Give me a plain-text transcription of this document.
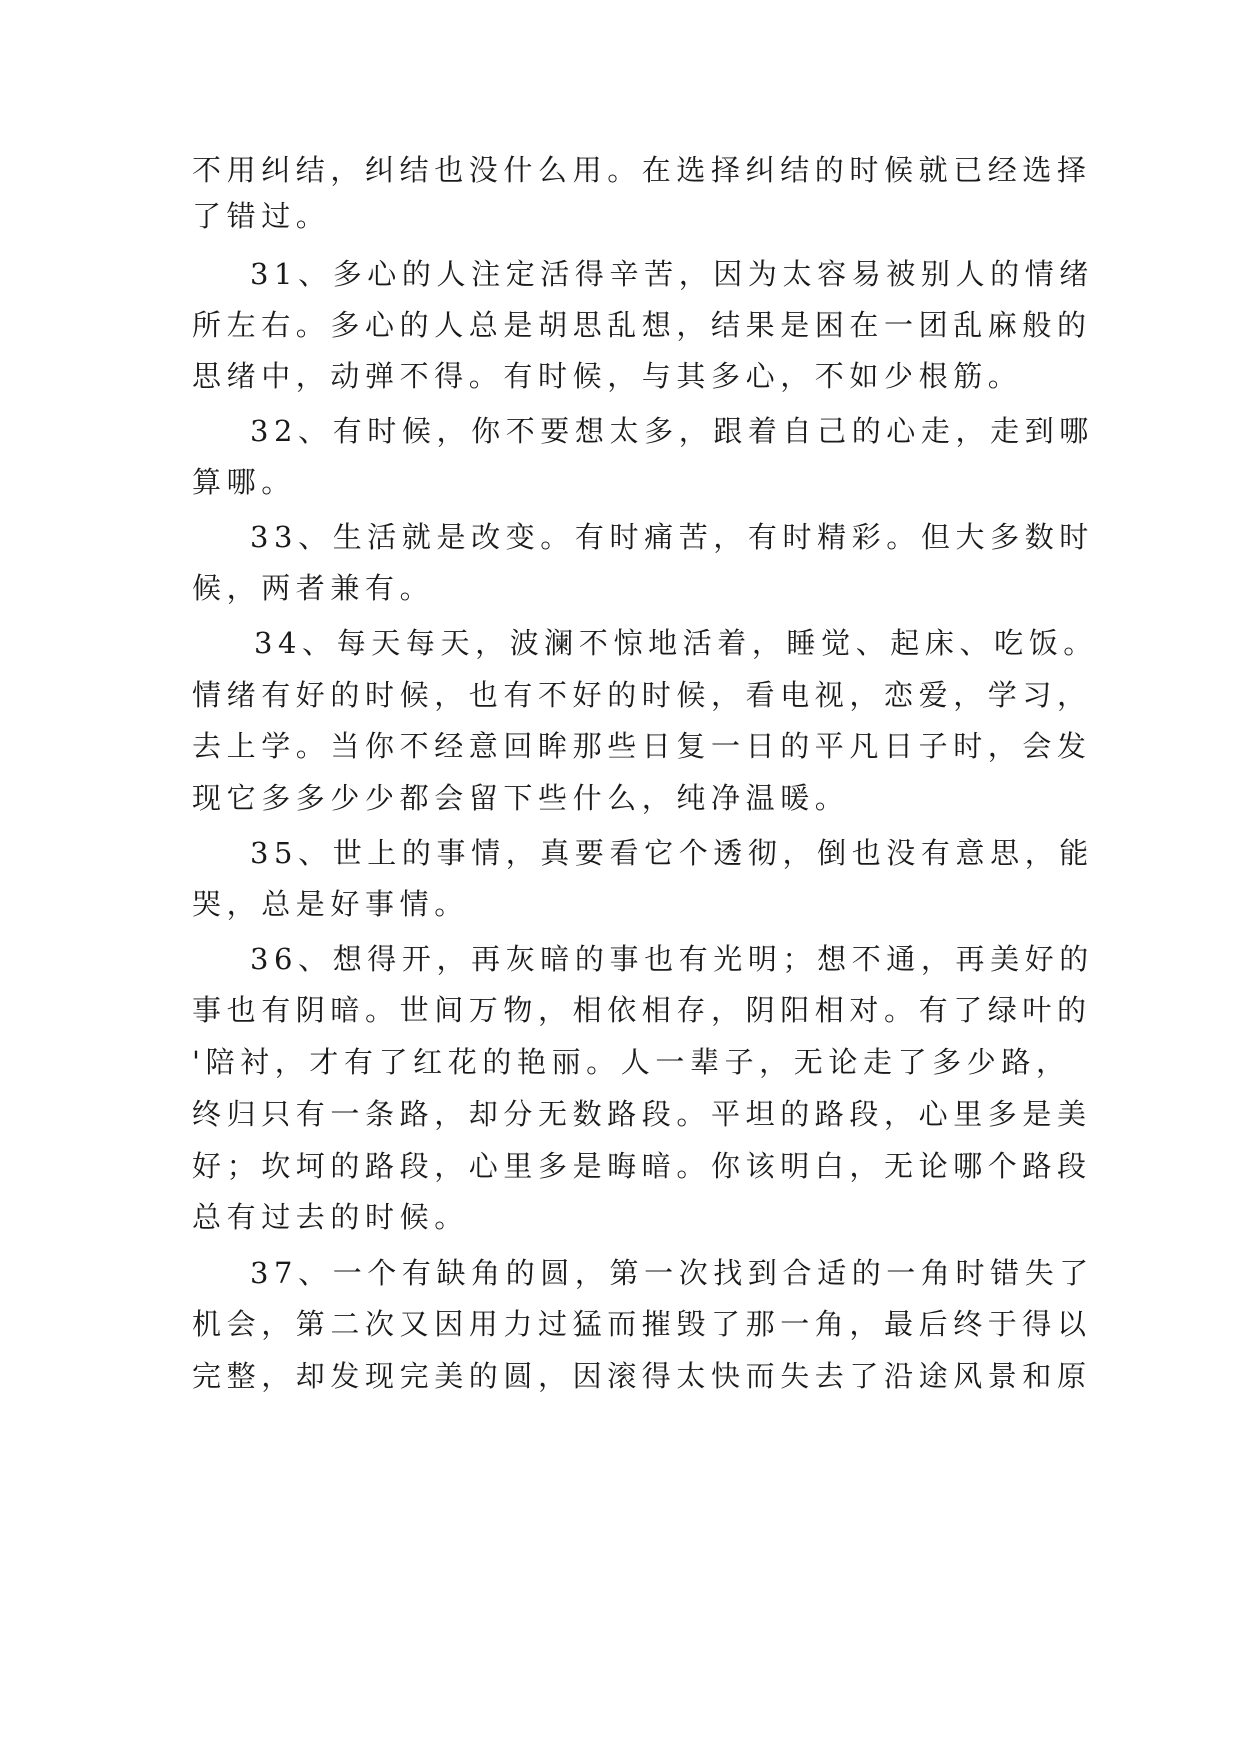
不用纠结，纠结也没什么用。在选择纠结的时候就已经选择
了错过。
31、多心的人注定活得辛苦，因为太容易被别人的情绪
所左右。多心的人总是胡思乱想，结果是困在一团乱麻般的
思绪中，动弹不得。有时候，与其多心，不如少根筋。
32、有时候，你不要想太多，跟着自己的心走，走到哪
算哪。
33、生活就是改变。有时痛苦，有时精彩。但大多数时
候，两者兼有。
34、每天每天，波澜不惊地活着，睡觉、起床、吃饭。
情绪有好的时候，也有不好的时候，看电视，恋爱，学习，
去上学。当你不经意回眸那些日复一日的平凡日子时，会发
现它多多少少都会留下些什么，纯净温暖。
35、世上的事情，真要看它个透彻，倒也没有意思，能
哭，总是好事情。
36、想得开，再灰暗的事也有光明；想不通，再美好的
事也有阴暗。世间万物，相依相存，阴阳相对。有了绿叶的
'陪衬，才有了红花的艳丽。人一辈子，无论走了多少路，
终归只有一条路，却分无数路段。平坦的路段，心里多是美
好；坎坷的路段，心里多是晦暗。你该明白，无论哪个路段
总有过去的时候。
37、一个有缺角的圆，第一次找到合适的一角时错失了
机会，第二次又因用力过猛而摧毁了那一角，最后终于得以
完整，却发现完美的圆，因滚得太快而失去了沿途风景和原
